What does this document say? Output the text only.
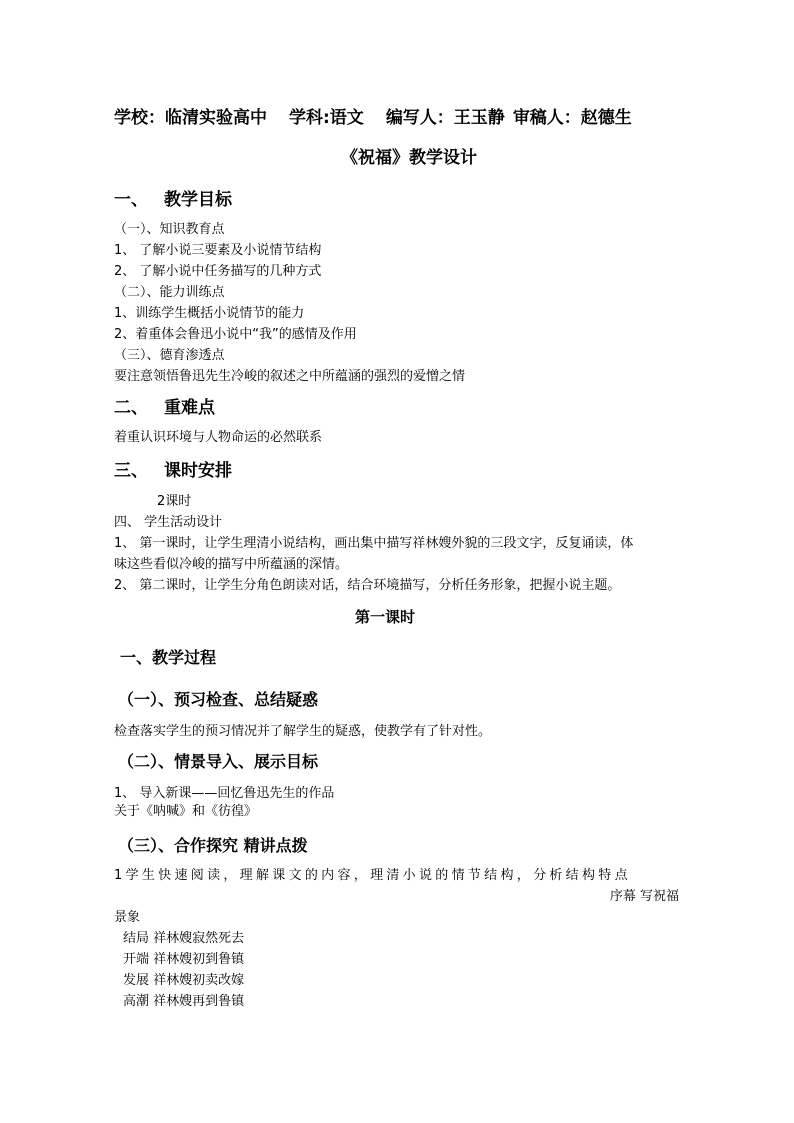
学校：临清实验高中 学科:语文 编写人：王玉静 审稿人：赵德生
《祝福》教学设计
一、 教学目标
（一）、知识教育点
1、 了解小说三要素及小说情节结构
2、 了解小说中任务描写的几种方式
（二）、能力训练点
1、训练学生概括小说情节的能力
2、着重体会鲁迅小说中“我”的感情及作用
（三）、德育渗透点
要注意领悟鲁迅先生冷峻的叙述之中所蕴涵的强烈的爱憎之情
二、 重难点
着重认识环境与人物命运的必然联系
三、 课时安排
2课时
四、 学生活动设计
1、 第一课时，让学生理清小说结构，画出集中描写祥林嫂外貌的三段文字，反复诵读，体
味这些看似冷峻的描写中所蕴涵的深情。
2、 第二课时，让学生分角色朗读对话，结合环境描写，分析任务形象，把握小说主题。
第一课时
一、教学过程
（一）、预习检查、总结疑惑
检查落实学生的预习情况并了解学生的疑惑，使教学有了针对性。
（二）、情景导入、展示目标
1、 导入新课——回忆鲁迅先生的作品
关于《呐喊》和《彷徨》
（三）、合作探究 精讲点拨
1学生快速阅读，理解课文的内容，理清小说的情节结构，分析结构特点
序幕 写祝福
景象
结局 祥林嫂寂然死去
开端 祥林嫂初到鲁镇
发展 祥林嫂初卖改嫁
高潮 祥林嫂再到鲁镇
